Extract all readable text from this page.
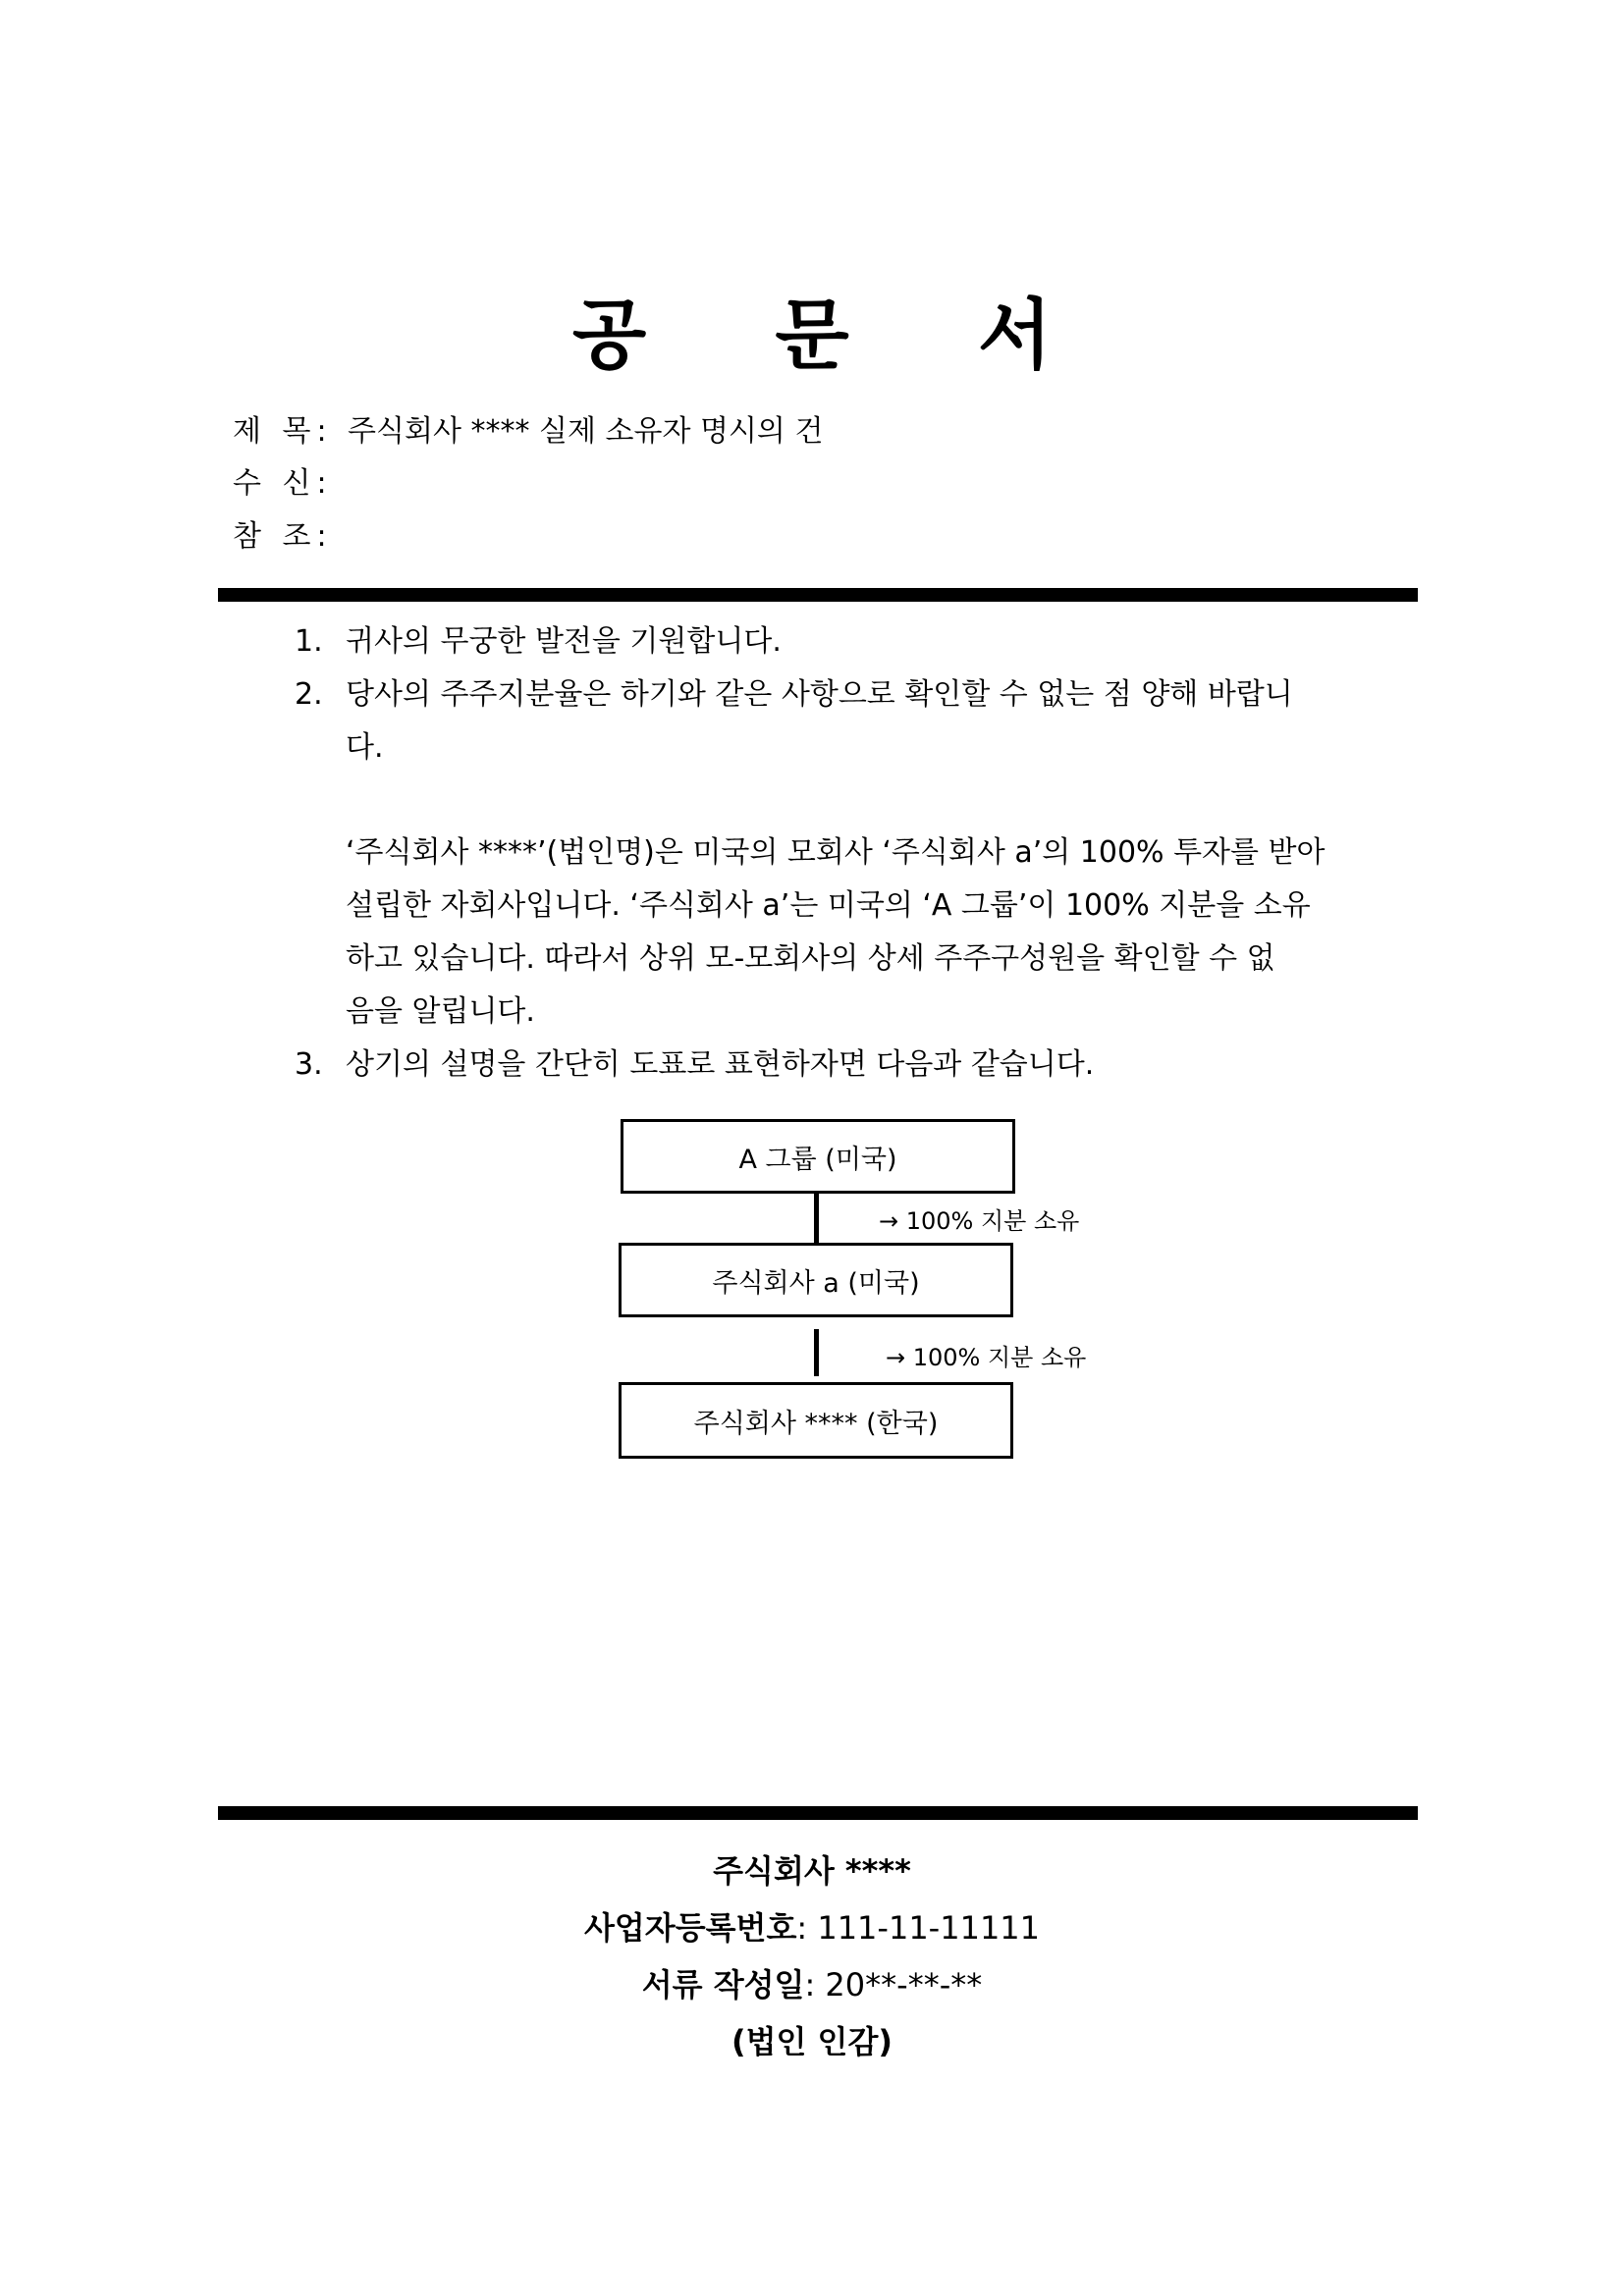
공 문 서
제 목: 주식회사 **** 실제 소유자 명시의 건
수 신:
참 조:
1. 귀사의 무궁한 발전을 기원합니다.
2. 당사의 주주지분율은 하기와 같은 사항으로 확인할 수 없는 점 양해 바랍니
다.
‘주식회사 ****’(법인명)은 미국의 모회사 ‘주식회사 a’의 100% 투자를 받아
설립한 자회사입니다. ‘주식회사 a’는 미국의 ‘A 그룹’이 100% 지분을 소유
하고 있습니다. 따라서 상위 모-모회사의 상세 주주구성원을 확인할 수 없
음을 알립니다.
3. 상기의 설명을 간단히 도표로 표현하자면 다음과 같습니다.
A 그룹 (미국)
→ 100% 지분 소유
주식회사 a (미국)
→ 100% 지분 소유
주식회사 **** (한국)
주식회사 ****
사업자등록번호: 111-11-11111
서류 작성일: 20**-**-**
(법인 인감)
